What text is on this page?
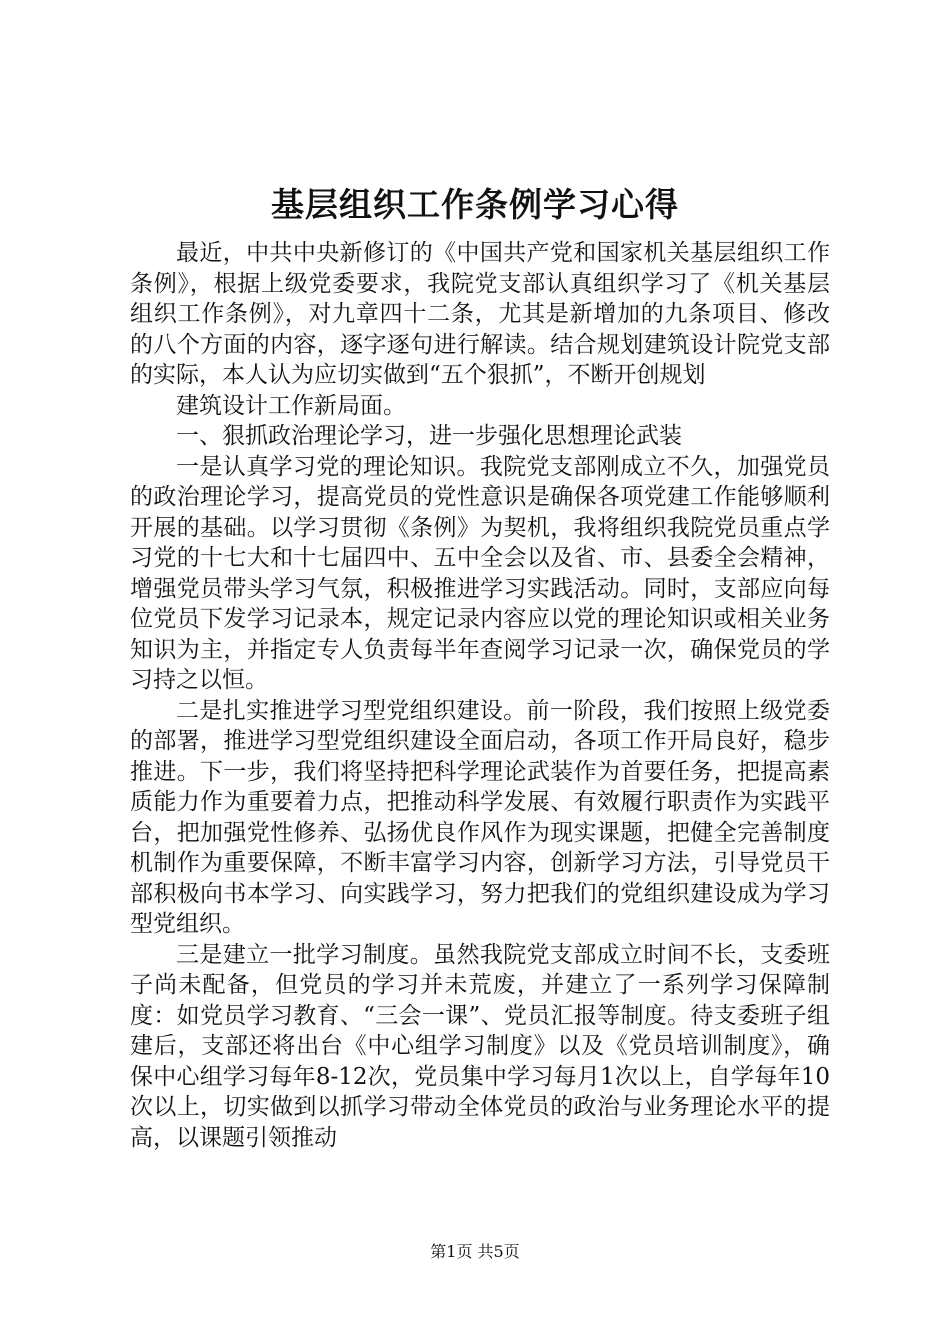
基层组织工作条例学习心得

最近，中共中央新修订的《中国共产党和国家机关基层组织工作条例》，根据上级党委要求，我院党支部认真组织学习了《机关基层组织工作条例》，对九章四十二条，尤其是新增加的九条项目、修改的八个方面的内容，逐字逐句进行解读。结合规划建筑设计院党支部的实际，本人认为应切实做到“五个狠抓”，不断开创规划

建筑设计工作新局面。

一、狠抓政治理论学习，进一步强化思想理论武装

一是认真学习党的理论知识。我院党支部刚成立不久，加强党员的政治理论学习，提高党员的党性意识是确保各项党建工作能够顺利开展的基础。以学习贯彻《条例》为契机，我将组织我院党员重点学习党的十七大和十七届四中、五中全会以及省、市、县委全会精神，增强党员带头学习气氛，积极推进学习实践活动。同时，支部应向每位党员下发学习记录本，规定记录内容应以党的理论知识或相关业务知识为主，并指定专人负责每半年查阅学习记录一次，确保党员的学习持之以恒。

二是扎实推进学习型党组织建设。前一阶段，我们按照上级党委的部署，推进学习型党组织建设全面启动，各项工作开局良好，稳步推进。下一步，我们将坚持把科学理论武装作为首要任务，把提高素质能力作为重要着力点，把推动科学发展、有效履行职责作为实践平台，把加强党性修养、弘扬优良作风作为现实课题，把健全完善制度机制作为重要保障，不断丰富学习内容，创新学习方法，引导党员干部积极向书本学习、向实践学习，努力把我们的党组织建设成为学习型党组织。

三是建立一批学习制度。虽然我院党支部成立时间不长，支委班子尚未配备，但党员的学习并未荒废，并建立了一系列学习保障制度：如党员学习教育、“三会一课”、党员汇报等制度。待支委班子组建后，支部还将出台《中心组学习制度》以及《党员培训制度》，确保中心组学习每年8-12次，党员集中学习每月1次以上，自学每年10次以上，切实做到以抓学习带动全体党员的政治与业务理论水平的提高，以课题引领推动

第1页 共5页
